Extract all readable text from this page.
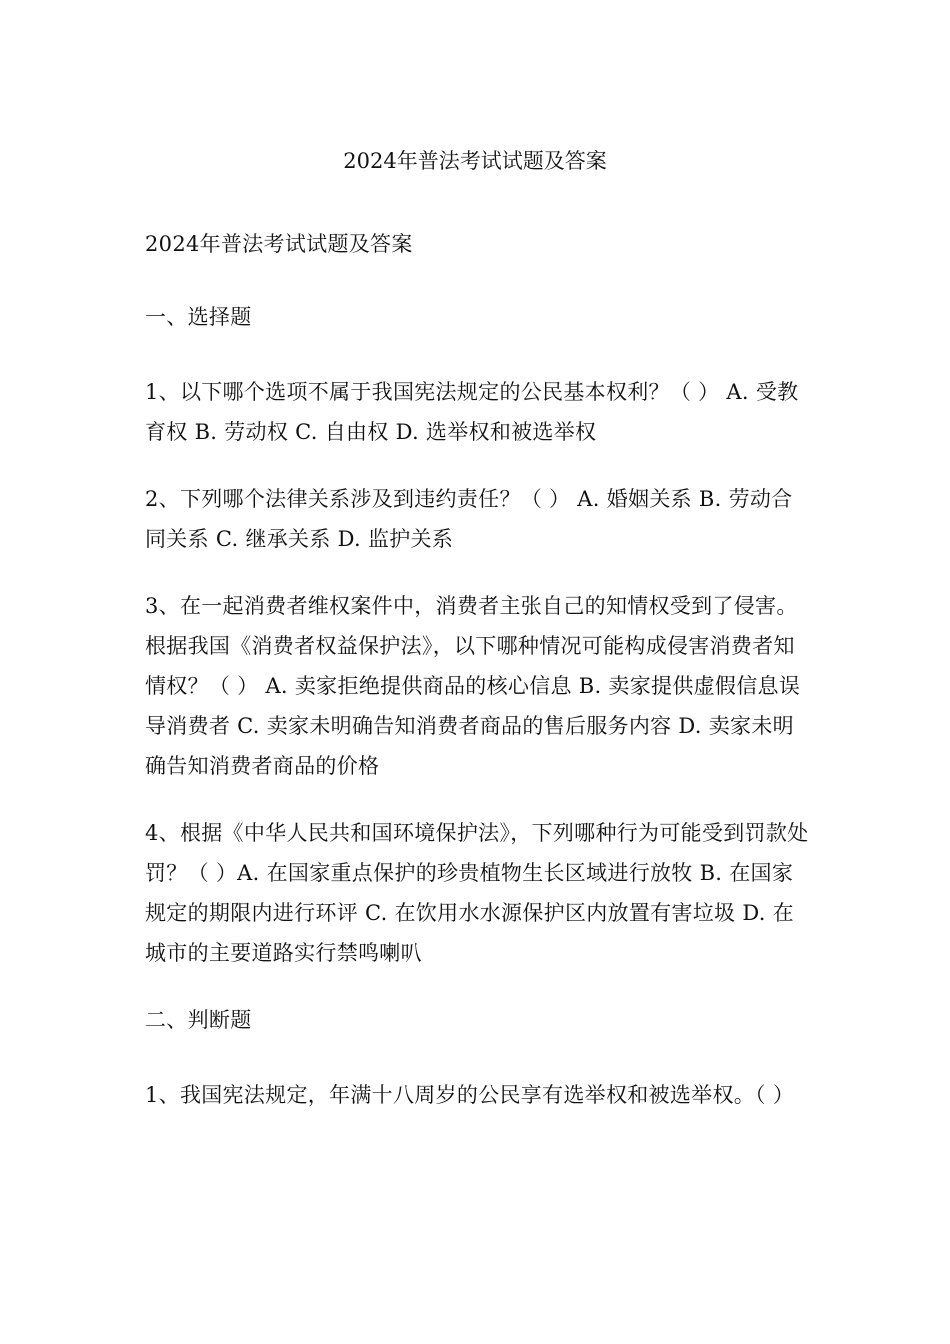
2024年普法考试试题及答案

2024年普法考试试题及答案

一、选择题

1、以下哪个选项不属于我国宪法规定的公民基本权利？（ ） A. 受教育权 B. 劳动权 C. 自由权 D. 选举权和被选举权

2、下列哪个法律关系涉及到违约责任？（ ） A. 婚姻关系 B. 劳动合同关系 C. 继承关系 D. 监护关系

3、在一起消费者维权案件中，消费者主张自己的知情权受到了侵害。根据我国《消费者权益保护法》，以下哪种情况可能构成侵害消费者知情权？（ ） A. 卖家拒绝提供商品的核心信息 B. 卖家提供虚假信息误导消费者 C. 卖家未明确告知消费者商品的售后服务内容 D. 卖家未明确告知消费者商品的价格

4、根据《中华人民共和国环境保护法》，下列哪种行为可能受到罚款处罚？（ ）A. 在国家重点保护的珍贵植物生长区域进行放牧 B. 在国家规定的期限内进行环评 C. 在饮用水水源保护区内放置有害垃圾 D. 在城市的主要道路实行禁鸣喇叭

二、判断题

1、我国宪法规定，年满十八周岁的公民享有选举权和被选举权。（ ）
